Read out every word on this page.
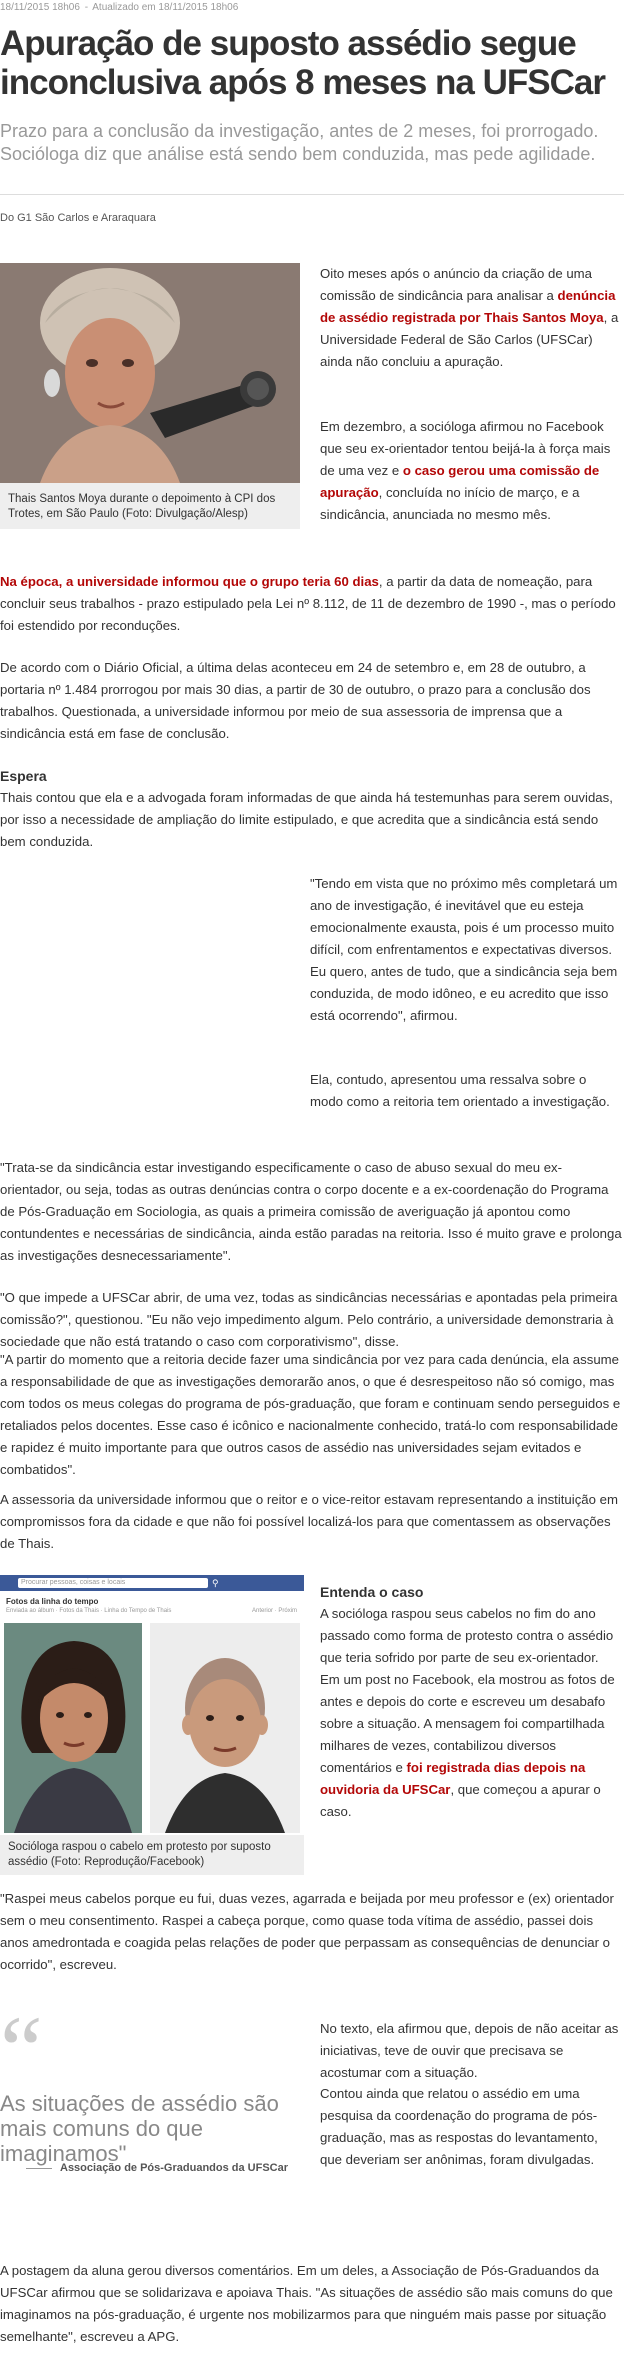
18/11/2015 18h06 - Atualizado em 18/11/2015 18h06
Apuração de suposto assédio segue inconclusiva após 8 meses na UFSCar

Prazo para a conclusão da investigação, antes de 2 meses, foi prorrogado. Socióloga diz que análise está sendo bem conduzida, mas pede agilidade.

Do G1 São Carlos e Araraquara

Thais Santos Moya durante o depoimento à CPI dos Trotes, em São Paulo (Foto: Divulgação/Alesp)

Oito meses após o anúncio da criação de uma comissão de sindicância para analisar a denúncia de assédio registrada por Thais Santos Moya, a Universidade Federal de São Carlos (UFSCar) ainda não concluiu a apuração.

Em dezembro, a socióloga afirmou no Facebook que seu ex-orientador tentou beijá-la à força mais de uma vez e o caso gerou uma comissão de apuração, concluída no início de março, e a sindicância, anunciada no mesmo mês.

Na época, a universidade informou que o grupo teria 60 dias, a partir da data de nomeação, para concluir seus trabalhos - prazo estipulado pela Lei nº 8.112, de 11 de dezembro de 1990 -, mas o período foi estendido por reconduções.

De acordo com o Diário Oficial, a última delas aconteceu em 24 de setembro e, em 28 de outubro, a portaria nº 1.484 prorrogou por mais 30 dias, a partir de 30 de outubro, o prazo para a conclusão dos trabalhos. Questionada, a universidade informou por meio de sua assessoria de imprensa que a sindicância está em fase de conclusão.

Espera

Thais contou que ela e a advogada foram informadas de que ainda há testemunhas para serem ouvidas, por isso a necessidade de ampliação do limite estipulado, e que acredita que a sindicância está sendo bem conduzida.

"Tendo em vista que no próximo mês completará um ano de investigação, é inevitável que eu esteja emocionalmente exausta, pois é um processo muito difícil, com enfrentamentos e expectativas diversos. Eu quero, antes de tudo, que a sindicância seja bem conduzida, de modo idôneo, e eu acredito que isso está ocorrendo", afirmou.

Ela, contudo, apresentou uma ressalva sobre o modo como a reitoria tem orientado a investigação.

"Trata-se da sindicância estar investigando especificamente o caso de abuso sexual do meu ex-orientador, ou seja, todas as outras denúncias contra o corpo docente e a ex-coordenação do Programa de Pós-Graduação em Sociologia, as quais a primeira comissão de averiguação já apontou como contundentes e necessárias de sindicância, ainda estão paradas na reitoria. Isso é muito grave e prolonga as investigações desnecessariamente".

"O que impede a UFSCar abrir, de uma vez, todas as sindicâncias necessárias e apontadas pela primeira comissão?", questionou. "Eu não vejo impedimento algum. Pelo contrário, a universidade demonstraria à sociedade que não está tratando o caso com corporativismo", disse.

"A partir do momento que a reitoria decide fazer uma sindicância por vez para cada denúncia, ela assume a responsabilidade de que as investigações demorarão anos, o que é desrespeitoso não só comigo, mas com todos os meus colegas do programa de pós-graduação, que foram e continuam sendo perseguidos e retaliados pelos docentes. Esse caso é icônico e nacionalmente conhecido, tratá-lo com responsabilidade e rapidez é muito importante para que outros casos de assédio nas universidades sejam evitados e combatidos".

A assessoria da universidade informou que o reitor e o vice-reitor estavam representando a instituição em compromissos fora da cidade e que não foi possível localizá-los para que comentassem as observações de Thais.

Procurar pessoas, coisas e locais	⚲

Fotos da linha do tempo

Enviada ao álbum · Fotos da Thais · Linha do Tempo de Thais	Anterior · Próxim

Socióloga raspou o cabelo em protesto por suposto assédio (Foto: Reprodução/Facebook)

Entenda o caso

A socióloga raspou seus cabelos no fim do ano passado como forma de protesto contra o assédio que teria sofrido por parte de seu ex-orientador. Em um post no Facebook, ela mostrou as fotos de antes e depois do corte e escreveu um desabafo sobre a situação. A mensagem foi compartilhada milhares de vezes, contabilizou diversos comentários e foi registrada dias depois na ouvidoria da UFSCar, que começou a apurar o caso.

"Raspei meus cabelos porque eu fui, duas vezes, agarrada e beijada por meu professor e (ex) orientador sem o meu consentimento. Raspei a cabeça porque, como quase toda vítima de assédio, passei dois anos amedrontada e coagida pelas relações de poder que perpassam as consequências de denunciar o ocorrido", escreveu.

“

As situações de assédio são mais comuns do que imaginamos"

Associação de Pós-Graduandos da UFSCar

No texto, ela afirmou que, depois de não aceitar as iniciativas, teve de ouvir que precisava se acostumar com a situação.

Contou ainda que relatou o assédio em uma pesquisa da coordenação do programa de pós-graduação, mas as respostas do levantamento, que deveriam ser anônimas, foram divulgadas.

A postagem da aluna gerou diversos comentários. Em um deles, a Associação de Pós-Graduandos da UFSCar afirmou que se solidarizava e apoiava Thais. "As situações de assédio são mais comuns do que imaginamos na pós-graduação, é urgente nos mobilizarmos para que ninguém mais passe por situação semelhante", escreveu a APG.
